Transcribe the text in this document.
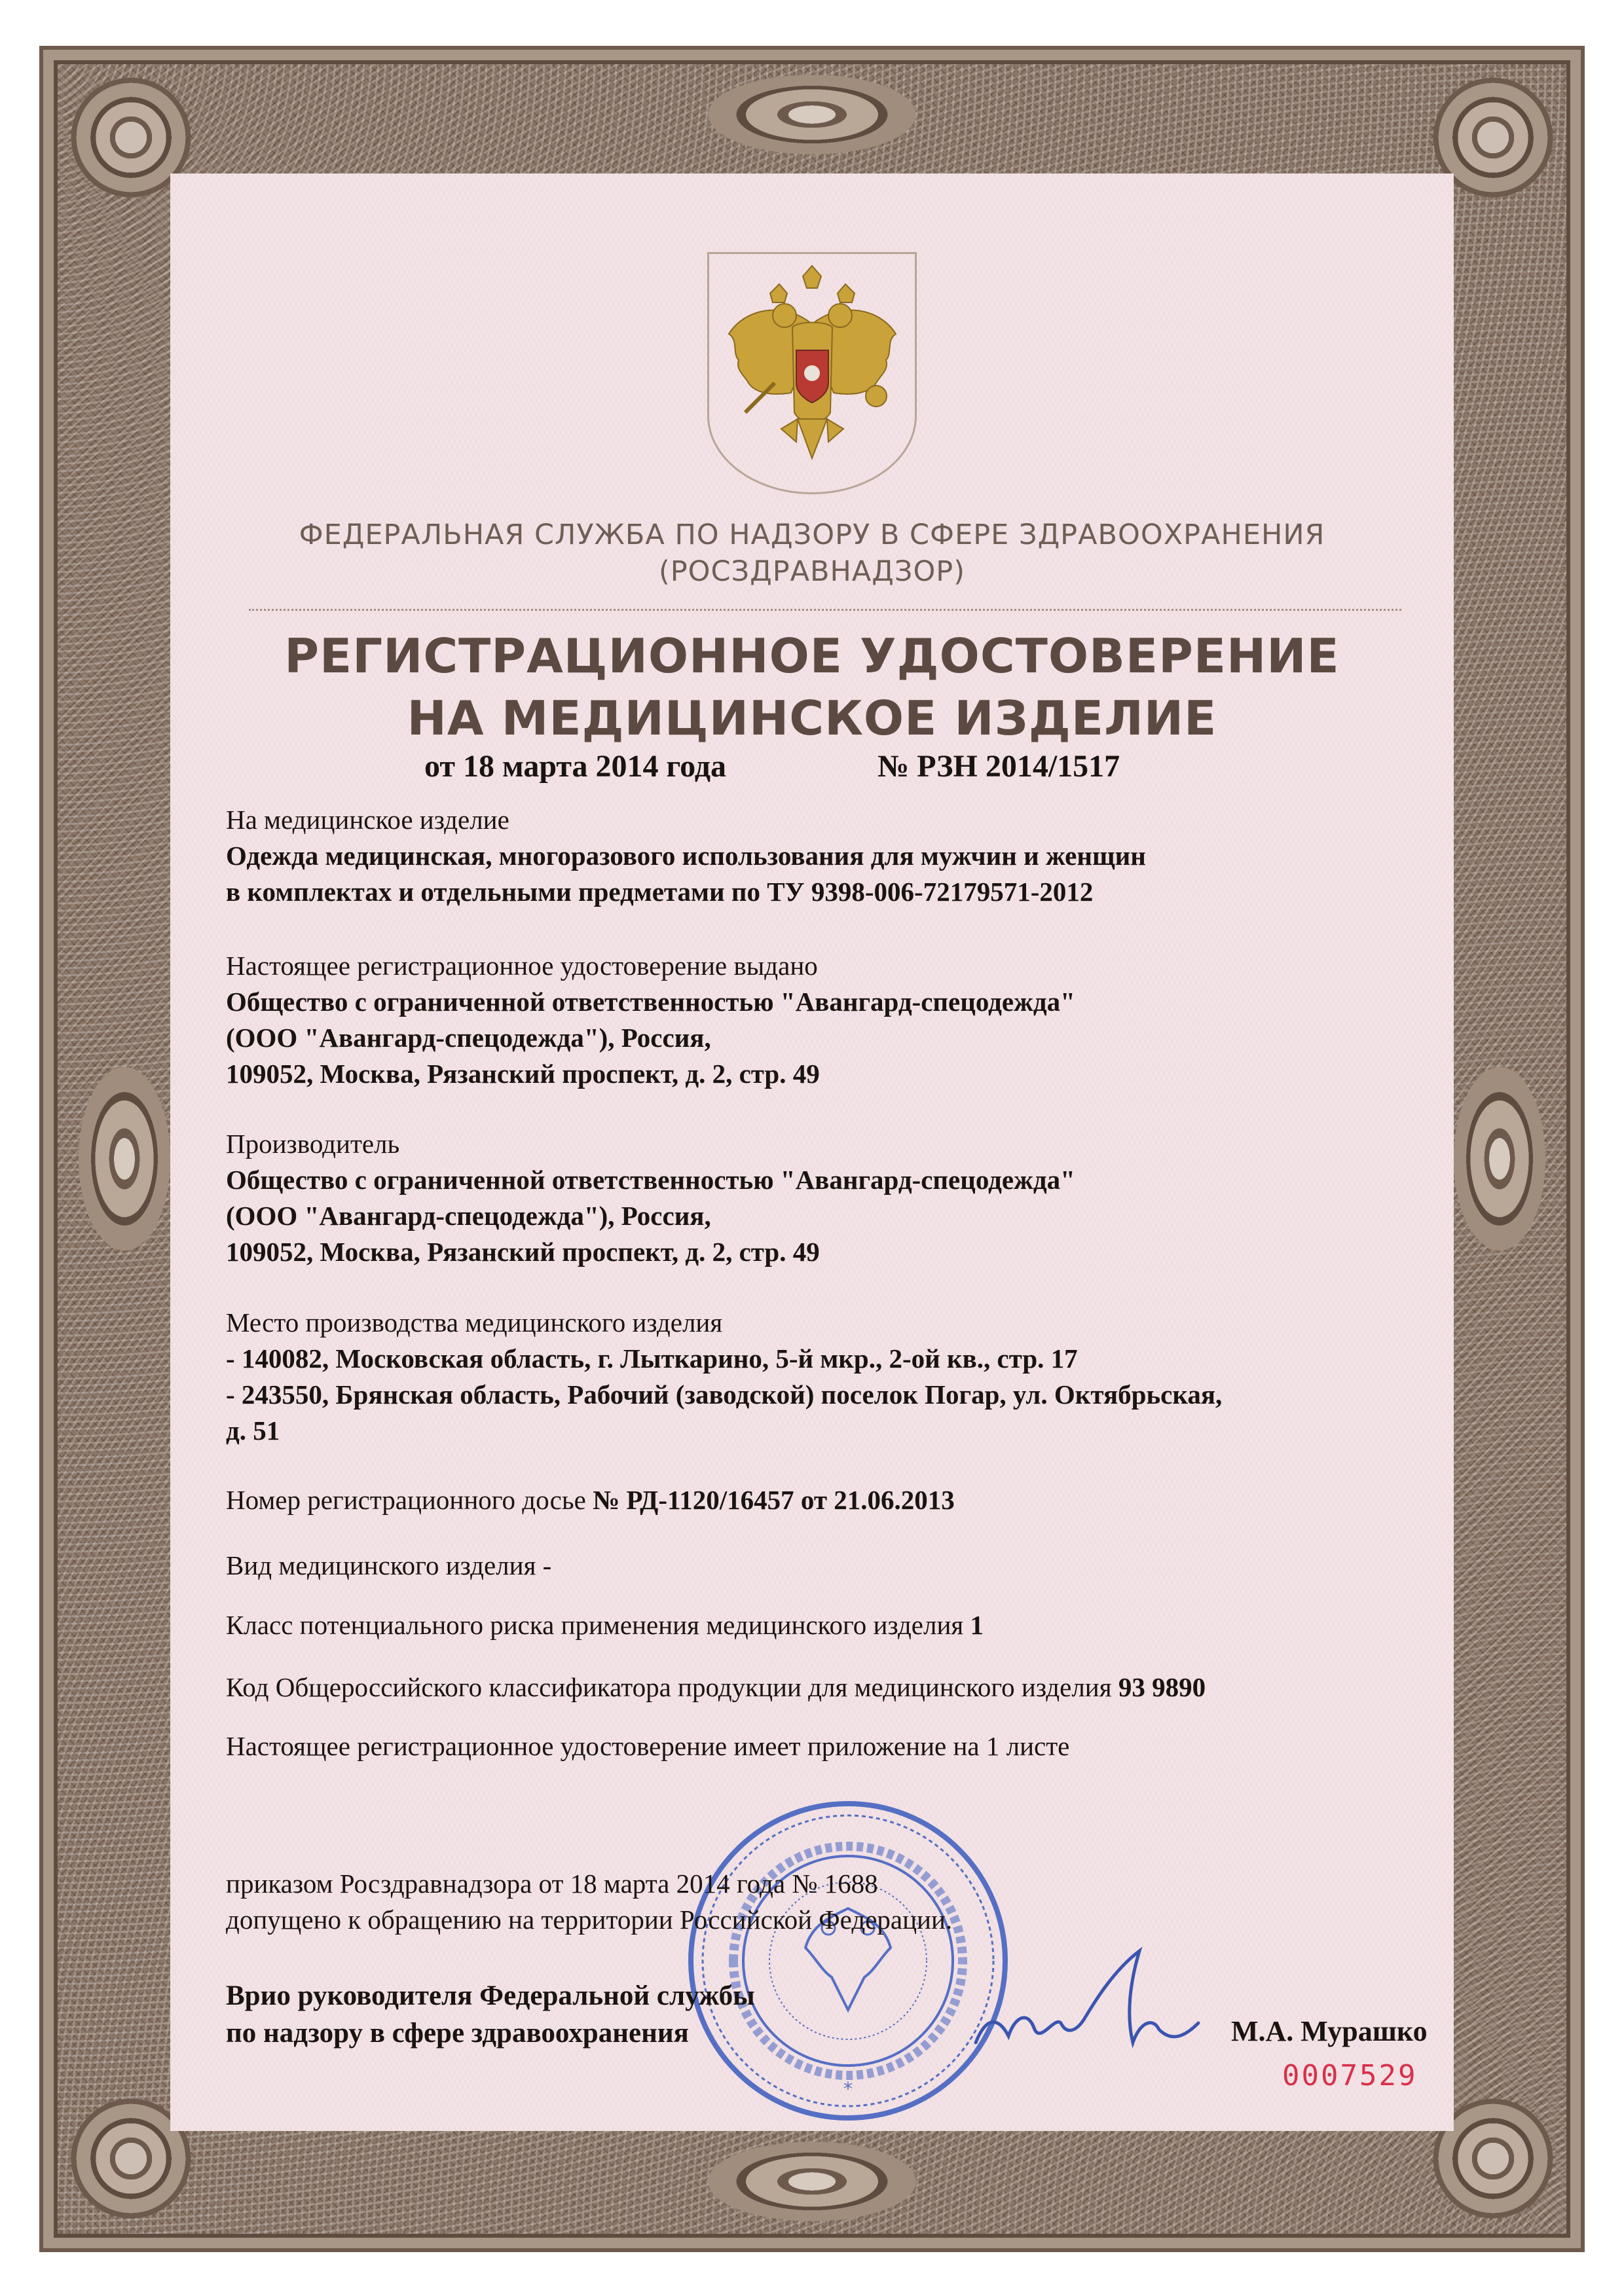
ФЕДЕРАЛЬНАЯ СЛУЖБА ПО НАДЗОРУ В СФЕРЕ ЗДРАВООХРАНЕНИЯ
(РОСЗДРАВНАДЗОР)
РЕГИСТРАЦИОННОЕ УДОСТОВЕРЕНИЕ
НА МЕДИЦИНСКОЕ ИЗДЕЛИЕ
от 18 марта 2014 года	№ РЗН 2014/1517
На медицинское изделие
Одежда медицинская, многоразового использования для мужчин и женщин
в комплектах и отдельными предметами по ТУ 9398-006-72179571-2012
Настоящее регистрационное удостоверение выдано
Общество с ограниченной ответственностью "Авангард-спецодежда"
(ООО "Авангард-спецодежда"), Россия,
109052, Москва, Рязанский проспект, д. 2, стр. 49
Производитель
Общество с ограниченной ответственностью "Авангард-спецодежда"
(ООО "Авангард-спецодежда"), Россия,
109052, Москва, Рязанский проспект, д. 2, стр. 49
Место производства медицинского изделия
- 140082, Московская область, г. Лыткарино, 5-й мкр., 2-ой кв., стр. 17
- 243550, Брянская область, Рабочий (заводской) поселок Погар, ул. Октябрьская,
д. 51
Номер регистрационного досье № РД-1120/16457 от 21.06.2013
Вид медицинского изделия -
Класс потенциального риска применения медицинского изделия 1
Код Общероссийского классификатора продукции для медицинского изделия 93 9890
Настоящее регистрационное удостоверение имеет приложение на 1 листе
*
приказом Росздравнадзора от 18 марта 2014 года № 1688
допущено к обращению на территории Российской Федерации.
Врио руководителя Федеральной службы
по надзору в сфере здравоохранения	М.А. Мурашко
0007529
